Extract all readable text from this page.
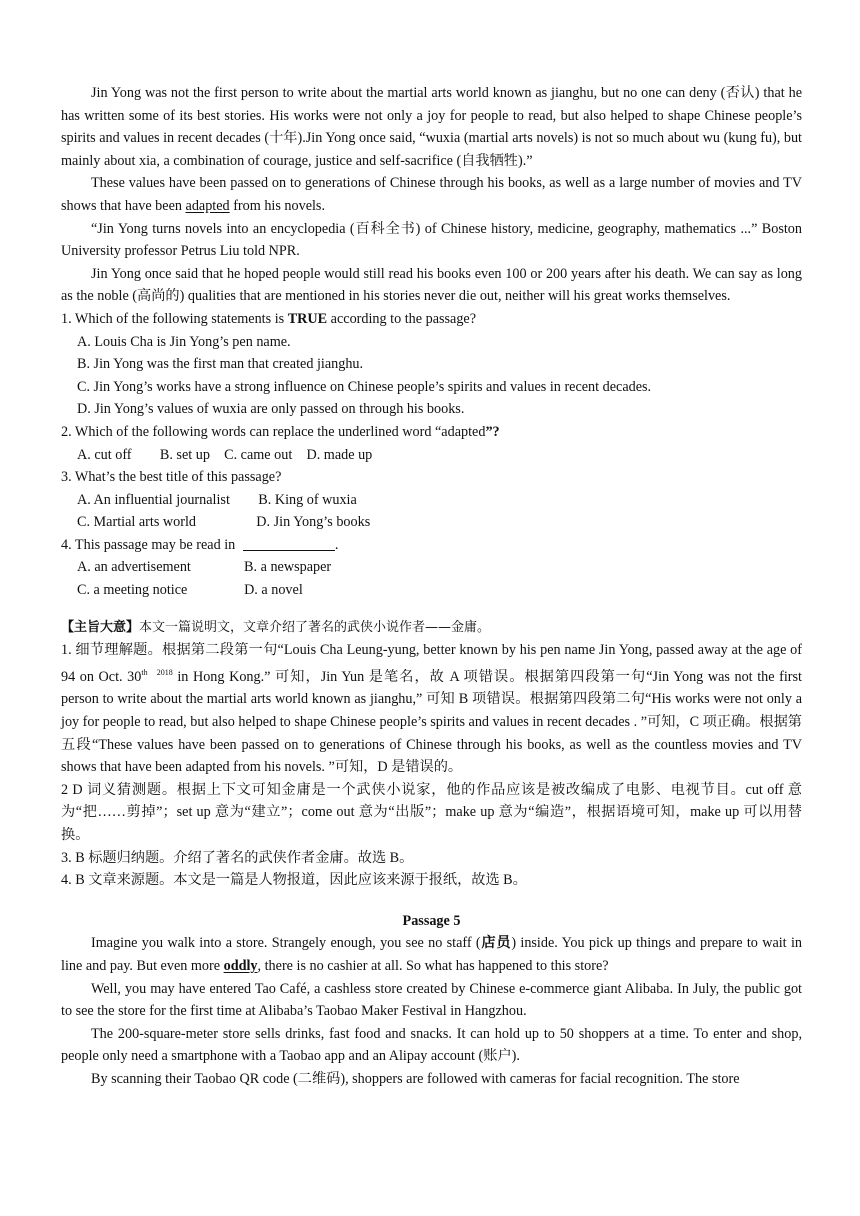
Jin Yong was not the first person to write about the martial arts world known as jianghu, but no one can deny (否认) that he has written some of its best stories. His works were not only a joy for people to read, but also helped to shape Chinese people’s spirits and values in recent decades (十年).Jin Yong once said, “wuxia (martial arts novels) is not so much about wu (kung fu), but mainly about xia, a combination of courage, justice and self-sacrifice (自我牺牲).”

These values have been passed on to generations of Chinese through his books, as well as a large number of movies and TV shows that have been adapted from his novels.

“Jin Yong turns novels into an encyclopedia (百科全书) of Chinese history, medicine, geography, mathematics ...” Boston University professor Petrus Liu told NPR.

Jin Yong once said that he hoped people would still read his books even 100 or 200 years after his death. We can say as long as the noble (高尚的) qualities that are mentioned in his stories never die out, neither will his great works themselves.

1. Which of the following statements is TRUE according to the passage?

A. Louis Cha is Jin Yong’s pen name.

B. Jin Yong was the first man that created jianghu.

C. Jin Yong’s works have a strong influence on Chinese people’s spirits and values in recent decades.

D. Jin Yong’s values of wuxia are only passed on through his books.

2. Which of the following words can replace the underlined word “adapted”?

A. cut off        B. set up    C. came out    D. made up

3. What’s the best title of this passage?

A. An influential journalist        B. King of wuxia

C. Martial arts world                 D. Jin Yong’s books

4. This passage may be read in	.

A. an advertisement               B. a newspaper

C. a meeting notice                D. a novel

【主旨大意】本文一篇说明文，文章介绍了著名的武侠小说作者——金庸。

1. 细节理解题。根据第二段第一句“Louis Cha Leung-yung, better known by his pen name Jin Yong, passed away at the age of 94 on Oct. 30th $^{2018}$ in Hong Kong.” 可知，Jin Yun 是笔名，故 A 项错误。根据第四段第一句“Jin Yong was not the first person to write about the martial arts world known as jianghu,” 可知 B 项错误。根据第四段第二句“His works were not only a joy for people to read, but also helped to shape Chinese people’s spirits and values in recent decades . ”可知，C 项正确。根据第五段“These values have been passed on to generations of Chinese through his books, as well as the countless movies and TV shows that have been adapted from his novels. ”可知，D 是错误的。

2 D 词义猜测题。根据上下文可知金庸是一个武侠小说家，他的作品应该是被改编成了电影、电视节目。cut off 意为“把……剪掉”；set up 意为“建立”；come out 意为“出版”；make up 意为“编造”，根据语境可知，make up 可以用替换。

3. B 标题归纳题。介绍了著名的武侠作者金庸。故选 B。

4. B 文章来源题。本文是一篇是人物报道，因此应该来源于报纸，故选 B。

Passage 5

Imagine you walk into a store. Strangely enough, you see no staff (店员) inside. You pick up things and prepare to wait in line and pay. But even more oddly, there is no cashier at all. So what has happened to this store?

Well, you may have entered Tao Café, a cashless store created by Chinese e-commerce giant Alibaba. In July, the public got to see the store for the first time at Alibaba’s Taobao Maker Festival in Hangzhou.

The 200-square-meter store sells drinks, fast food and snacks. It can hold up to 50 shoppers at a time. To enter and shop, people only need a smartphone with a Taobao app and an Alipay account (账户).

By scanning their Taobao QR code (二维码), shoppers are followed with cameras for facial recognition. The store
